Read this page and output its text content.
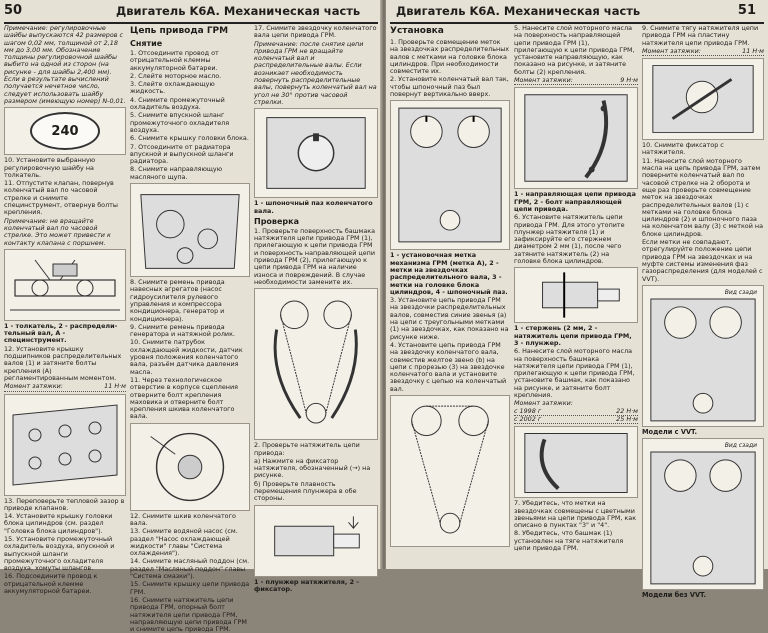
50	Двигатель K6A. Механическая часть

Примечание: регулировочные шайбы выпускаются 42 размеров с шагом 0,02 мм, толщиной от 2,18 мм до 3,00 мм. Обозначение толщины регулировочной шайбы выбито на одной из сторон (на рисунке - для шайбы 2,400 мм). Если в результате вычислений получается нечетное число, следует использовать шайбу размером (имеющую номер) N-0,01.

240

10. Установите выбранную регулировочную шайбу на толкатель.

11. Отпустите клапан, повернув коленчатый вал по часовой стрелке и снимите специнструмент, отвернув болты крепления.

Примечание: не вращайте коленчатый вал по часовой стрелке. Это может привести к контакту клапана с поршнем.

1 - толкатель, 2 - распределительный вал, А - специнструмент.

12. Установите крышку подшипников распределительных валов (1) и затяните болты крепления (А) регламентированным моментом.

Момент затяжки:	11 Н·м

13. Переповерьте тепловой зазор в приводе клапанов.

14. Установите крышку головки блока цилиндров (см. раздел "Головка блока цилиндров").

15. Установите промежуточный охладитель воздуха, впускной и выпускной шланги промежуточного охладителя воздуха, хомуты шлангов.

16. Подсоедините провод к отрицательной клемме аккумуляторной батареи.

Цепь привода ГРМ
Снятие

1. Отсоедините провод от отрицательной клеммы аккумуляторной батареи.

2. Слейте моторное масло.

3. Слейте охлаждающую жидкость.

4. Снимите промежуточный охладитель воздуха.

5. Снимите впускной шланг промежуточного охладителя воздуха.

6. Снимите крышку головки блока.

7. Отсоедините от радиатора впускной и выпускной шланги радиатора.

8. Снимите направляющую масляного щупа.

8. Снимите ремень привода навесных агрегатов (насос гидроусилителя рулевого управления и компрессора кондиционера, генератор и кондиционера).

9. Снимите ремень привода генератора и натяжной ролик.

10. Снимите патрубок охлаждающей жидкости, датчик уровня положения коленчатого вала, разъём датчика давления масла.

11. Через технологическое отверстие в корпусе сцепления отверните болт крепления маховика и отверните болт крепления шкива коленчатого вала.

12. Снимите шкив коленчатого вала.

13. Снимите водяной насос (см. раздел "Насос охлаждающей жидкости" главы "Система охлаждения").

14. Снимите масляный поддон (см. раздел "Масляный поддон" главы "Система смазки").

15. Снимите крышку цепи привода ГРМ.

16. Снимите натяжитель цепи привода ГРМ, опорный болт натяжителя цепи привода ГРМ, направляющую цепи привода ГРМ и снимите цепь привода ГРМ.

17. Снимите звездочку коленчатого вала цепи привода ГРМ.

Примечание: после снятия цепи привода ГРМ не вращайте коленчатый вал и распределительные валы. Если возникает необходимость повернуть распределительные валы, повернуть коленчатый вал на угол не 30° против часовой стрелки.

1 - шпоночный паз коленчатого вала.

Проверка

1. Проверьте поверхность башмака натяжителя цепи привода ГРМ (1), прилегающую к цепи привода ГРМ и поверхность направляющей цепи привода ГРМ (2), прилегающую к цепи привода ГРМ на наличие износа и повреждений. В случае необходимости замените их.

2. Проверьте натяжитель цепи привода:

а) Нажмите на фиксатор натяжителя, обозначенный (→) на рисунке.

б) Проверьте плавность перемещения плунжера в обе стороны.

1 - плунжер натяжителя, 2 - фиксатор.

Двигатель K6A. Механическая часть	51
Установка

1. Проверьте совмещение меток на звездочках распределительных валов с метками на головке блока цилиндров. При необходимости совместите их.

2. Установите коленчатый вал так, чтобы шпоночный паз был повернут вертикально вверх.

1 - установочная метка механизма ГРМ (метка А), 2 - метки на звездочках распределительного вала, 3 - метки на головке блока цилиндров, 4 - шпоночный паз.

3. Установите цепь привода ГРМ на звездочки распределительных валов, совместив синие звенья (а) на цепи с треугольными метками (1) на звездочках, как показано на рисунке ниже.

4. Установите цепь привода ГРМ на звездочку коленчатого вала, совместив желтое звено (b) на цепи с прорезью (3) на звездочке коленчатого вала и установите звездочку с цепью на коленчатый вал.

5. Нанесите слой моторного масла на поверхность направляющей цепи привода ГРМ (1), прилегающую к цепи привода ГРМ, установите направляющую, как показано на рисунке, и затяните болты (2) крепления.

Момент затяжки:	9 Н·м

1 - направляющая цепи привода ГРМ, 2 - болт направляющей цепи привода.

6. Установите натяжитель цепи привода ГРМ. Для этого утопите плунжер натяжителя (1) и зафиксируйте его стержнем диаметром 2 мм (1), после чего затяните натяжитель (2) на головке блока цилиндров.

1 - стержень (2 мм, 2 - натяжитель цепи привода ГРМ, 3 - плунжер.

6. Нанесите слой моторного масла на поверхность башмака натяжителя цепи привода ГРМ (1), прилегающую к цепи привода ГРМ, установите башмак, как показано на рисунке, и затяните болт крепления.

Момент затяжки:
с 1998 г	22 Н·м
с 2002 г	25 Н·м

7. Убедитесь, что метки на звездочках совмещены с цветными звеньями на цепи привода ГРМ, как описано в пунктах "3" и "4".

8. Убедитесь, что башмак (1) установлен на тяге натяжителя цепи привода ГРМ.

9. Снимите тягу натяжителя цепи привода ГРМ на пластину натяжителя цепи привода ГРМ.

Момент затяжки:	11 Н·м

10. Снимите фиксатор с натяжителя.

11. Нанесите слой моторного масла на цепь привода ГРМ, затем поверните коленчатый вал по часовой стрелке на 2 оборота и еще раз проверьте совмещение меток на звездочках распределительных валов (1) с метками на головке блока цилиндров (2) и шпоночного паза на коленчатом валу (3) с меткой на блоке цилиндров.

Если метки не совпадают, отрегулируйте положение цепи привода ГРМ на звездочках и на муфте системы изменения фаз газораспределения (для моделей с VVT).

Вид сзади
Модели с VVT.
Вид сзади
Модели без VVT.
